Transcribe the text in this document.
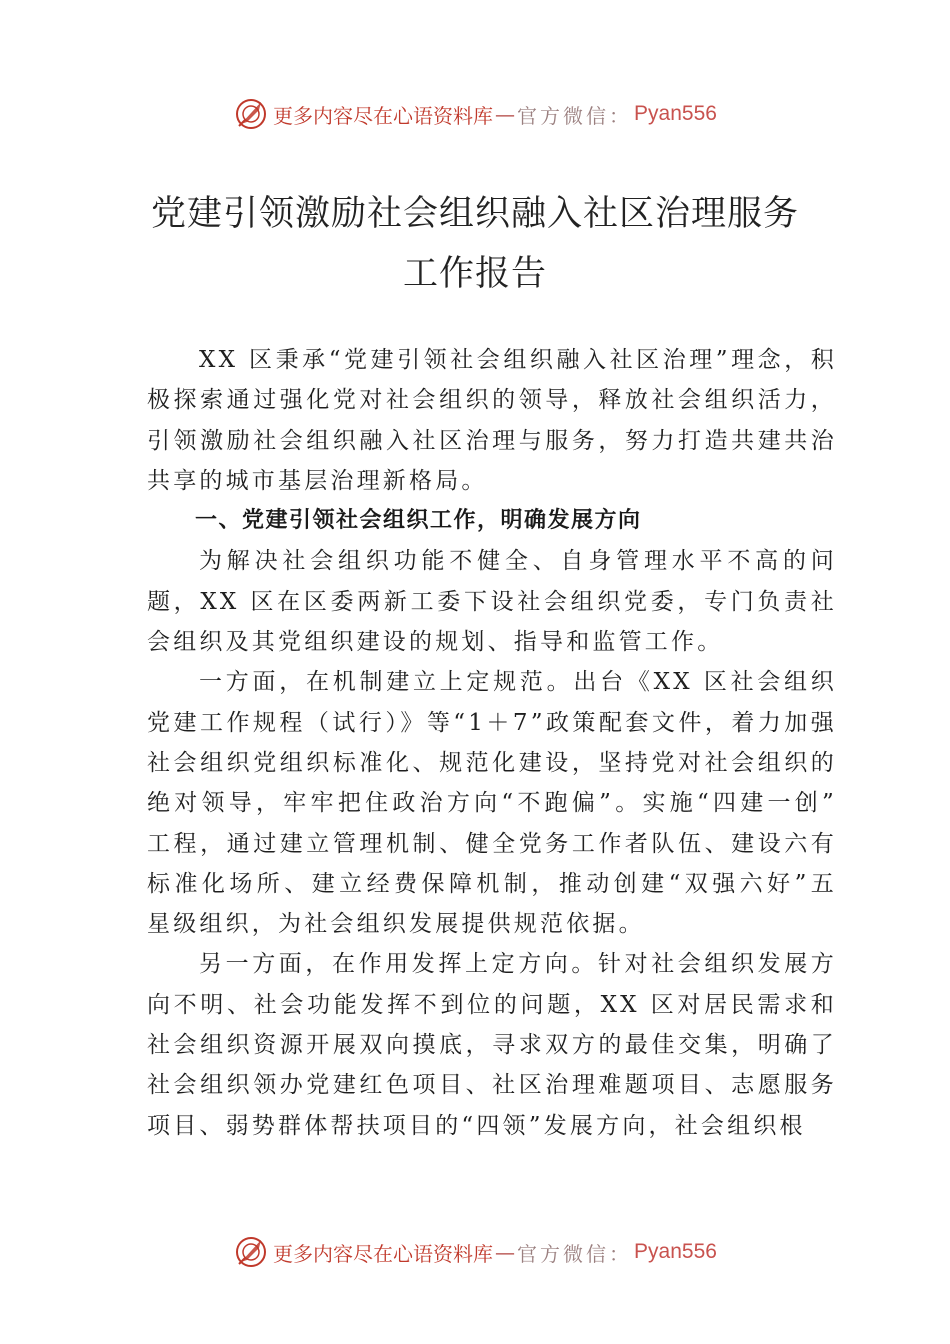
更多内容尽在心语资料库 — 官方微信： Pyan556
党建引领激励社会组织融入社区治理服务
工作报告

XX 区秉承“党建引领社会组织融入社区治理”理念，积极探索通过强化党对社会组织的领导，释放社会组织活力，引领激励社会组织融入社区治理与服务，努力打造共建共治共享的城市基层治理新格局。

一、党建引领社会组织工作，明确发展方向

为解决社会组织功能不健全、自身管理水平不高的问题，XX 区在区委两新工委下设社会组织党委，专门负责社会组织及其党组织建设的规划、指导和监管工作。

一方面，在机制建立上定规范。出台《XX 区社会组织党建工作规程（试行）》等“1＋7”政策配套文件，着力加强社会组织党组织标准化、规范化建设，坚持党对社会组织的绝对领导，牢牢把住政治方向“不跑偏”。实施“四建一创” 工程，通过建立管理机制、健全党务工作者队伍、建设六有标准化场所、建立经费保障机制，推动创建“双强六好”五 星级组织，为社会组织发展提供规范依据。

另一方面，在作用发挥上定方向。针对社会组织发展方向不明、社会功能发挥不到位的问题，XX 区对居民需求和社会组织资源开展双向摸底，寻求双方的最佳交集，明确了社会组织领办党建红色项目、社区治理难题项目、志愿服务项目、弱势群体帮扶项目的“四领”发展方向，社会组织根

更多内容尽在心语资料库 — 官方微信： Pyan556
